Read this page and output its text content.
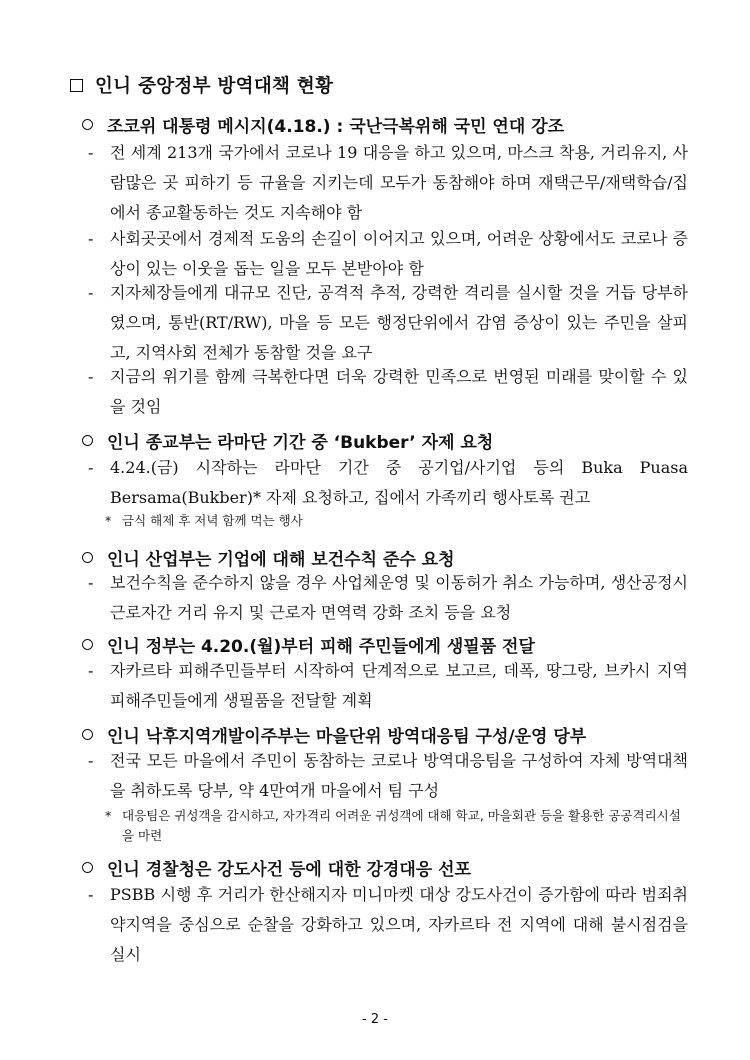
인니 중앙정부 방역대책 현황
조코위 대통령 메시지(4.18.) : 국난극복위해 국민 연대 강조
- 전 세계 213개 국가에서 코로나 19 대응을 하고 있으며, 마스크 착용, 거리유지, 사람많은 곳 피하기 등 규율을 지키는데 모두가 동참해야 하며 재택근무/재택학습/집에서 종교활동하는 것도 지속해야 함
- 사회곳곳에서 경제적 도움의 손길이 이어지고 있으며, 어려운 상황에서도 코로나 증상이 있는 이웃을 돕는 일을 모두 본받아야 함
- 지자체장들에게 대규모 진단, 공격적 추적, 강력한 격리를 실시할 것을 거듭 당부하였으며, 통반(RT/RW), 마을 등 모든 행정단위에서 감염 증상이 있는 주민을 살피고, 지역사회 전체가 동참할 것을 요구
- 지금의 위기를 함께 극복한다면 더욱 강력한 민족으로 번영된 미래를 맞이할 수 있을 것임
인니 종교부는 라마단 기간 중 ‘Bukber’ 자제 요청
- 4.24.(금) 시작하는 라마단 기간 중 공기업/사기업 등의 Buka Puasa Bersama(Bukber)* 자제 요청하고, 집에서 가족끼리 행사토록 권고
* 금식 해제 후 저녁 함께 먹는 행사
인니 산업부는 기업에 대해 보건수칙 준수 요청
- 보건수칙을 준수하지 않을 경우 사업체운영 및 이동허가 취소 가능하며, 생산공정시 근로자간 거리 유지 및 근로자 면역력 강화 조치 등을 요청
인니 정부는 4.20.(월)부터 피해 주민들에게 생필품 전달
- 자카르타 피해주민들부터 시작하여 단계적으로 보고르, 데폭, 땅그랑, 브카시 지역 피해주민들에게 생필품을 전달할 계획
인니 낙후지역개발이주부는 마을단위 방역대응팀 구성/운영 당부
- 전국 모든 마을에서 주민이 동참하는 코로나 방역대응팀을 구성하여 자체 방역대책을 취하도록 당부, 약 4만여개 마을에서 팀 구성
* 대응팀은 귀성객을 감시하고, 자가격리 어려운 귀성객에 대해 학교, 마을회관 등을 활용한 공공격리시설을 마련
인니 경찰청은 강도사건 등에 대한 강경대응 선포
- PSBB 시행 후 거리가 한산해지자 미니마켓 대상 강도사건이 증가함에 따라 범죄취약지역을 중심으로 순찰을 강화하고 있으며, 자카르타 전 지역에 대해 불시점검을 실시
- 2 -
